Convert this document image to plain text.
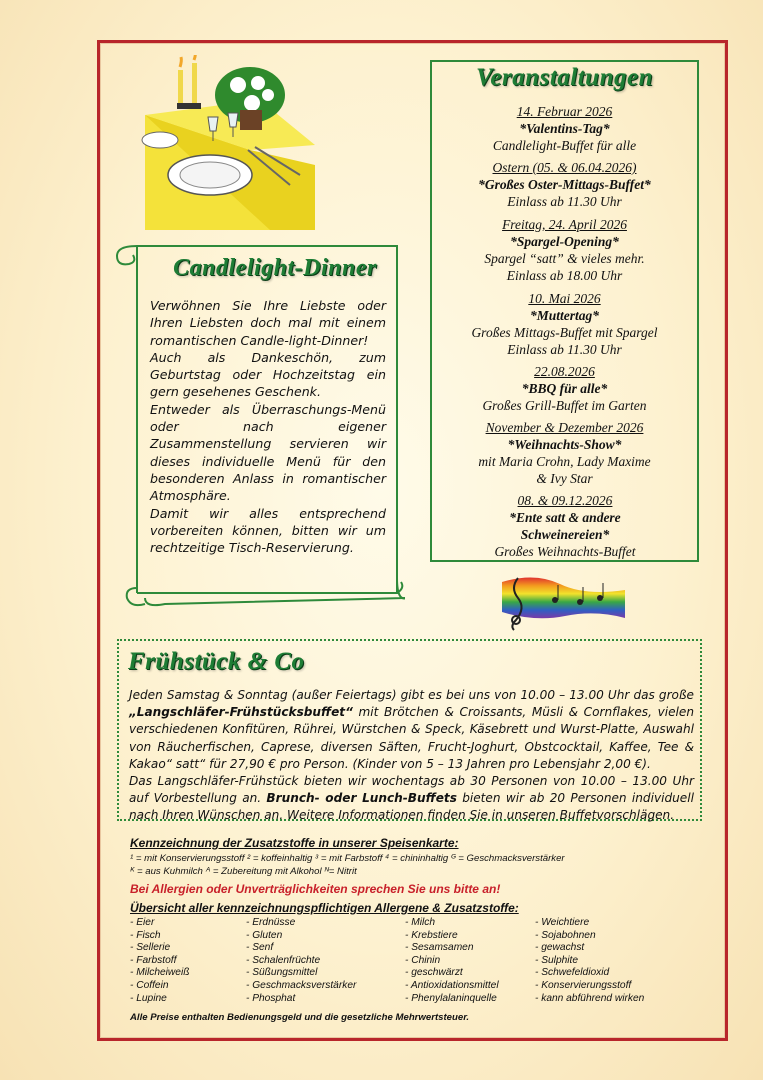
Veranstaltungen
14. Februar 2026
*Valentins-Tag*
Candlelight-Buffet für alle
Ostern (05. & 06.04.2026)
*Großes Oster-Mittags-Buffet*
Einlass ab 11.30 Uhr
Freitag, 24. April 2026
*Spargel-Opening*
Spargel “satt” & vieles mehr.
Einlass ab 18.00 Uhr
10. Mai 2026
*Muttertag*
Großes Mittags-Buffet mit Spargel
Einlass ab 11.30 Uhr
22.08.2026
*BBQ für alle*
Großes Grill-Buffet im Garten
November & Dezember 2026
*Weihnachts-Show*
mit Maria Crohn, Lady Maxime
& Ivy Star
08. & 09.12.2026
*Ente satt & andere Schweinereien*
Großes Weihnachts-Buffet
Candlelight-Dinner

Verwöhnen Sie Ihre Liebste oder Ihren Liebsten doch mal mit einem romantischen Candle-light-Dinner!

Auch als Dankeschön, zum Geburtstag oder Hochzeitstag ein gern gesehenes Geschenk.

Entweder als Überraschungs-Menü oder nach eigener Zusammenstellung servieren wir dieses individuelle Menü für den besonderen Anlass in romantischer Atmosphäre.

Damit wir alles entsprechend vorbereiten können, bitten wir um rechtzeitige Tisch-Reservierung.

Frühstück & Co

Jeden Samstag & Sonntag (außer Feiertags) gibt es bei uns von 10.00 – 13.00 Uhr das große „Langschläfer-Frühstücksbuffet“ mit Brötchen & Croissants, Müsli & Cornflakes, vielen verschiedenen Konfitüren, Rührei, Würstchen & Speck, Käsebrett und Wurst-Platte, Auswahl von Räucherfischen, Caprese, diversen Säften, Frucht-Joghurt, Obstcocktail, Kaffee, Tee & Kakao“ satt“ für 27,90 € pro Person. (Kinder von 5 – 13 Jahren pro Lebensjahr 2,00 €).

Das Langschläfer-Frühstück bieten wir wochentags ab 30 Personen von 10.00 – 13.00 Uhr auf Vorbestellung an. Brunch- oder Lunch-Buffets bieten wir ab 20 Personen individuell nach Ihren Wünschen an. Weitere Informationen finden Sie in unseren Buffetvorschlägen.

Kennzeichnung der Zusatzstoffe in unserer Speisenkarte:
¹ = mit Konservierungsstoff ² = koffeinhaltig ³ = mit Farbstoff ⁴ = chininhaltig ᴳ = Geschmacksverstärker
ᴷ = aus Kuhmilch ᴬ = Zubereitung mit Alkohol ᴺ= Nitrit
Bei Allergien oder Unverträglichkeiten sprechen Sie uns bitte an!
Übersicht aller kennzeichnungspflichtigen Allergene & Zusatzstoffe:
- Eier
- Fisch
- Sellerie
- Farbstoff
- Milcheiweiß
- Coffein
- Lupine
- Erdnüsse
- Gluten
- Senf
- Schalenfrüchte
- Süßungsmittel
- Geschmacksverstärker
- Phosphat
- Milch
- Krebstiere
- Sesamsamen
- Chinin
- geschwärzt
- Antioxidationsmittel
- Phenylalaninquelle
- Weichtiere
- Sojabohnen
- gewachst
- Sulphite
- Schwefeldioxid
- Konservierungsstoff
- kann abführend wirken
Alle Preise enthalten Bedienungsgeld und die gesetzliche Mehrwertsteuer.
